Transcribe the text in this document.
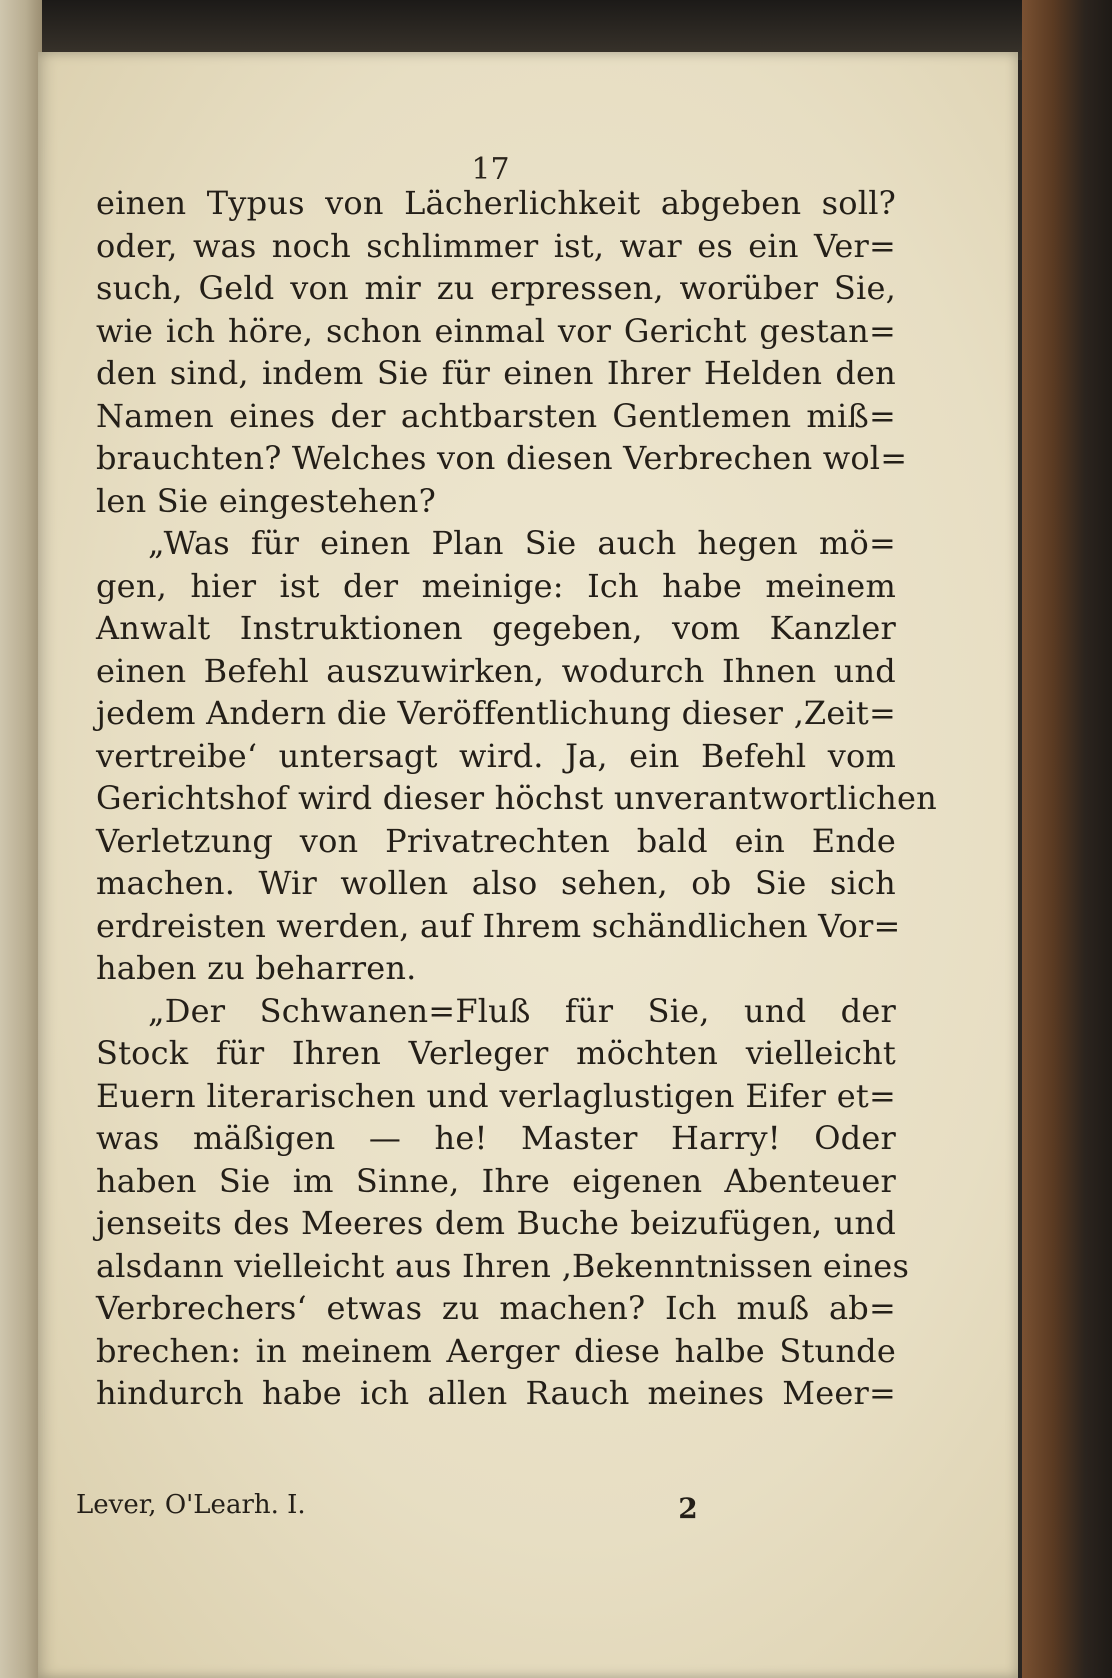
17
einen Typus von Lächerlichkeit abgeben soll?
oder, was noch schlimmer ist, war es ein Ver=
such, Geld von mir zu erpressen, worüber Sie,
wie ich höre, schon einmal vor Gericht gestan=
den sind, indem Sie für einen Ihrer Helden den
Namen eines der achtbarsten Gentlemen miß=
brauchten? Welches von diesen Verbrechen wol=
len Sie eingestehen?
„Was für einen Plan Sie auch hegen mö=
gen, hier ist der meinige: Ich habe meinem
Anwalt Instruktionen gegeben, vom Kanzler
einen Befehl auszuwirken, wodurch Ihnen und
jedem Andern die Veröffentlichung dieser ‚Zeit=
vertreibe‘ untersagt wird. Ja, ein Befehl vom
Gerichtshof wird dieser höchst unverantwortlichen
Verletzung von Privatrechten bald ein Ende
machen. Wir wollen also sehen, ob Sie sich
erdreisten werden, auf Ihrem schändlichen Vor=
haben zu beharren.
„Der Schwanen=Fluß für Sie, und der
Stock für Ihren Verleger möchten vielleicht
Euern literarischen und verlaglustigen Eifer et=
was mäßigen — he! Master Harry! Oder
haben Sie im Sinne, Ihre eigenen Abenteuer
jenseits des Meeres dem Buche beizufügen, und
alsdann vielleicht aus Ihren ‚Bekenntnissen eines
Verbrechers‘ etwas zu machen? Ich muß ab=
brechen: in meinem Aerger diese halbe Stunde
hindurch habe ich allen Rauch meines Meer=
Lever, O'Learh. I.	2
